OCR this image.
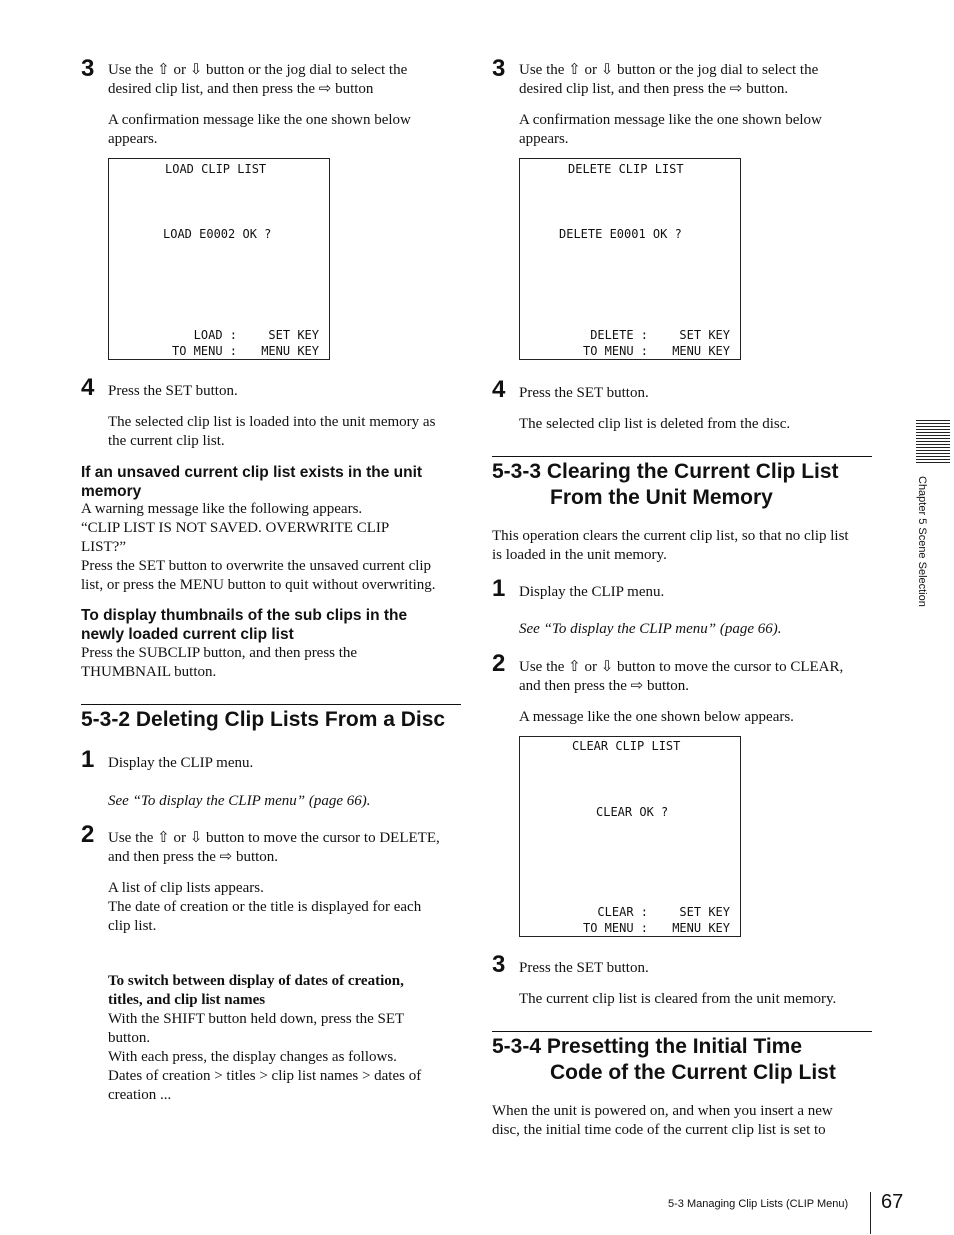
3 Use the ⇧ or ⇩ button or the jog dial to select the
desired clip list, and then press the ⇨ button
A confirmation message like the one shown below
appears.
LOAD CLIP LIST
LOAD E0002 OK ?
LOAD :	SET KEY
TO MENU : MENU KEY
4 Press the SET button.
The selected clip list is loaded into the unit memory as
the current clip list.
If an unsaved current clip list exists in the unit
memory
A warning message like the following appears.
“CLIP LIST IS NOT SAVED. OVERWRITE CLIP
LIST?”
Press the SET button to overwrite the unsaved current clip
list, or press the MENU button to quit without overwriting.
To display thumbnails of the sub clips in the
newly loaded current clip list
Press the SUBCLIP button, and then press the
THUMBNAIL button.
5-3-2 Deleting Clip Lists From a Disc
1 Display the CLIP menu.
See “To display the CLIP menu” (page 66).
2 Use the ⇧ or ⇩ button to move the cursor to DELETE,
and then press the ⇨ button.
A list of clip lists appears.
The date of creation or the title is displayed for each
clip list.
To switch between display of dates of creation,
titles, and clip list names
With the SHIFT button held down, press the SET
button.
With each press, the display changes as follows.
Dates of creation > titles > clip list names > dates of
creation ...
3 Use the ⇧ or ⇩ button or the jog dial to select the
desired clip list, and then press the ⇨ button.
A confirmation message like the one shown below
appears.
DELETE CLIP LIST
DELETE E0001 OK ?
DELETE :	SET KEY
TO MENU : MENU KEY
4 Press the SET button.
The selected clip list is deleted from the disc.
5-3-3 Clearing the Current Clip List
From the Unit Memory
This operation clears the current clip list, so that no clip list
is loaded in the unit memory.
1 Display the CLIP menu.
See “To display the CLIP menu” (page 66).
2 Use the ⇧ or ⇩ button to move the cursor to CLEAR,
and then press the ⇨ button.
A message like the one shown below appears.
CLEAR CLIP LIST
CLEAR OK ?
CLEAR :	SET KEY
TO MENU : MENU KEY
3 Press the SET button.
The current clip list is cleared from the unit memory.
5-3-4 Presetting the Initial Time
Code of the Current Clip List
When the unit is powered on, and when you insert a new
disc, the initial time code of the current clip list is set to
Chapter 5 Scene Selection
5-3 Managing Clip Lists (CLIP Menu) 67
